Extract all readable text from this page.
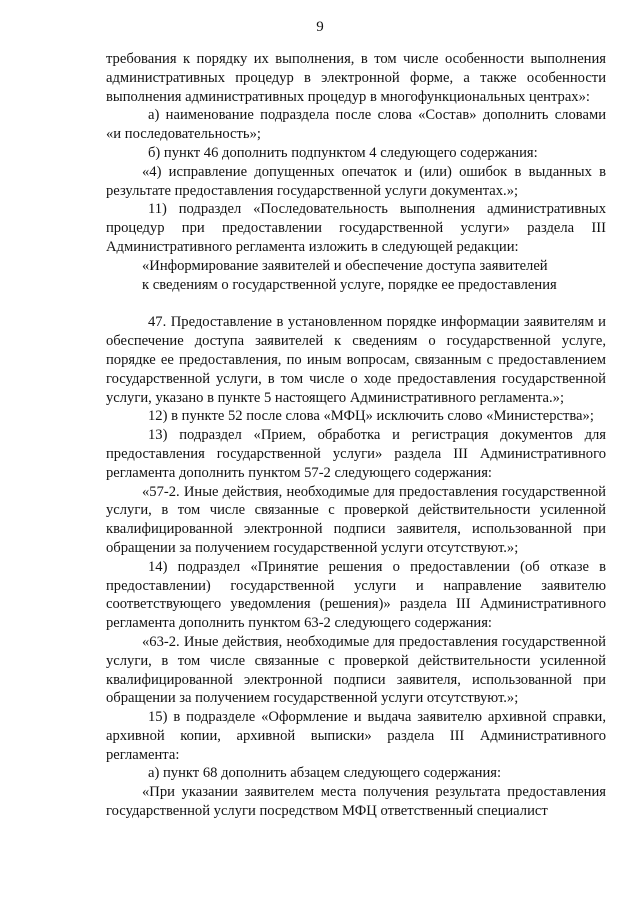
9

требования к порядку их выполнения, в том числе особенности выполнения административных процедур в электронной форме, а также особенности выполнения административных процедур в многофункциональных центрах»:

а) наименование подраздела после слова «Состав» дополнить словами «и последовательность»;

б) пункт 46 дополнить подпунктом 4 следующего содержания:

«4) исправление допущенных опечаток и (или) ошибок в выданных в результате предоставления государственной услуги документах.»;

11) подраздел «Последовательность выполнения административных процедур при предоставлении государственной услуги» раздела III Административного регламента изложить в следующей редакции:

«Информирование заявителей и обеспечение доступа заявителей
к сведениям о государственной услуге, порядке ее предоставления

47. Предоставление в установленном порядке информации заявителям и обеспечение доступа заявителей к сведениям о государственной услуге, порядке ее предоставления, по иным вопросам, связанным с предоставлением государственной услуги, в том числе о ходе предоставления государственной услуги, указано в пункте 5 настоящего Административного регламента.»;

12) в пункте 52 после слова «МФЦ» исключить слово «Министерства»;

13) подраздел «Прием, обработка и регистрация документов для предоставления государственной услуги» раздела III Административного регламента дополнить пунктом 57-2 следующего содержания:

«57-2. Иные действия, необходимые для предоставления государственной услуги, в том числе связанные с проверкой действительности усиленной квалифицированной электронной подписи заявителя, использованной при обращении за получением государственной услуги отсутствуют.»;

14) подраздел «Принятие решения о предоставлении (об отказе в предоставлении) государственной услуги и направление заявителю соответствующего уведомления (решения)» раздела III Административного регламента дополнить пунктом 63-2 следующего содержания:

«63-2. Иные действия, необходимые для предоставления государственной услуги, в том числе связанные с проверкой действительности усиленной квалифицированной электронной подписи заявителя, использованной при обращении за получением государственной услуги отсутствуют.»;

15) в подразделе «Оформление и выдача заявителю архивной справки, архивной копии, архивной выписки» раздела III Административного регламента:

а) пункт 68 дополнить абзацем следующего содержания:

«При указании заявителем места получения результата предоставления государственной услуги посредством МФЦ ответственный специалист
